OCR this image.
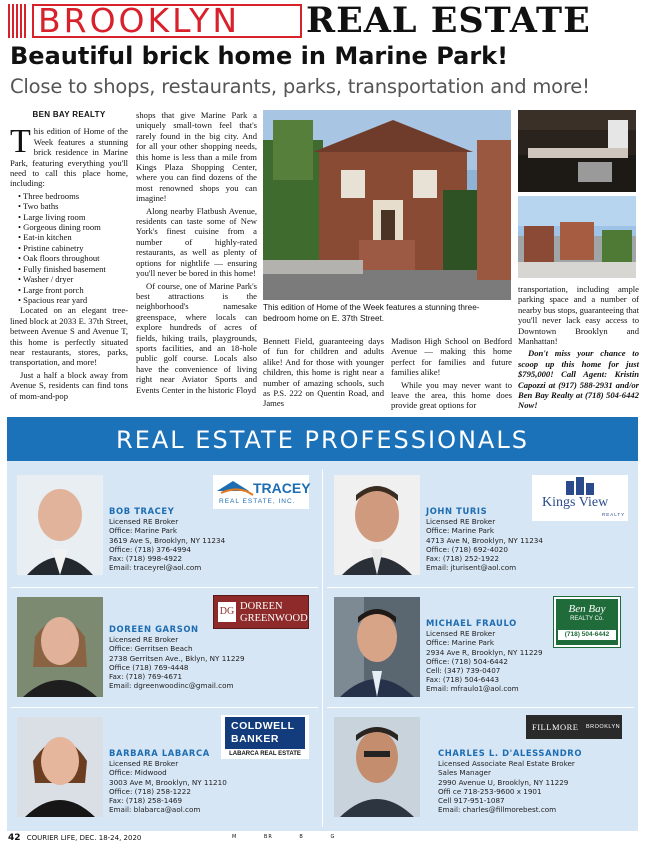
BROOKLYN REAL ESTATE
Beautiful brick home in Marine Park!
Close to shops, restaurants, parks, transportation and more!
BEN BAY REALTY

This edition of Home of the Week features a stunning brick residence in Marine Park, featuring everything you'll need to call this place home, including:

• Three bedrooms
• Two baths
• Large living room
• Gorgeous dining room
• Eat-in kitchen
• Pristine cabinetry
• Oak floors throughout
• Fully finished basement
• Washer / dryer
• Large front porch
• Spacious rear yard

Located on an elegant tree-lined block at 2033 E. 37th Street, between Avenue S and Avenue T, this home is perfectly situated near restaurants, stores, parks, transportation, and more!

Just a half a block away from Avenue S, residents can find tons of mom-and-pop

shops that give Marine Park a uniquely small-town feel that's rarely found in the big city. And for all your other shopping needs, this home is less than a mile from Kings Plaza Shopping Center, where you can find dozens of the most renowned shops you can imagine!

Along nearby Flatbush Avenue, residents can taste some of New York's finest cuisine from a number of highly-rated restaurants, as well as plenty of options for nightlife — ensuring you'll never be bored in this home!

Of course, one of Marine Park's best attractions is the neighborhood's namesake greenspace, where locals can explore hundreds of acres of fields, hiking trails, playgrounds, sports facilities, and an 18-hole public golf course. Locals also have the convenience of living right near Aviator Sports and Events Center in the historic Floyd

This edition of Home of the Week features a stunning three-bedroom home on E. 37th Street.

Bennett Field, guaranteeing days of fun for children and adults alike! And for those with younger children, this home is right near a number of amazing schools, such as P.S. 222 on Quentin Road, and James

Madison High School on Bedford Avenue — making this home perfect for families and future families alike!

While you may never want to leave the area, this home does provide great options for

transportation, including ample parking space and a number of nearby bus stops, guaranteeing that you'll never lack easy access to Downtown Brooklyn and Manhattan!

Don't miss your chance to scoop up this home for just $795,000! Call Agent: Kristin Capozzi at (917) 588-2931 and/or Ben Bay Realty at (718) 504-6442 Now!

REAL ESTATE PROFESSIONALS
TRACEY
REAL ESTATE, INC.
BOB TRACEY
Licensed RE Broker
Office: Marine Park
3619 Ave S, Brooklyn, NY 11234
Office: (718) 376-4994
Fax: (718) 998-4922
Email: traceyrel@aol.com
Kings View
REALTY
JOHN TURIS
Licensed RE Broker
Office: Marine Park
4713 Ave N, Brooklyn, NY 11234
Office: (718) 692-4020
Fax: (718) 252-1922
Email: jturisent@aol.com
DG DOREEN
GREENWOOD
DOREEN GARSON
Licensed RE Broker
Office: Gerritsen Beach
2738 Gerritsen Ave., Bklyn, NY 11229
Office (718) 769-4448
Fax: (718) 769-4671
Email: dgreenwoodinc@gmail.com
Ben Bay
REALTY Co.
(718) 504-6442
MICHAEL FRAULO
Licensed RE Broker
Office: Marine Park
2934 Ave R, Brooklyn, NY 11229
Office: (718) 504-6442
Cell: (347) 739-0407
Fax: (718) 504-6443
Email: mfraulo1@aol.com
COLDWELL
BANKER
LABARCA REAL ESTATE
BARBARA LABARCA
Licensed RE Broker
Office: Midwood
3003 Ave M, Brooklyn, NY 11210
Office: (718) 258-1222
Fax: (718) 258-1469
Email: blabarca@aol.com
FILLMORE BROOKLYN
CHARLES L. D'ALESSANDRO
Licensed Associate Real Estate Broker
Sales Manager
2990 Avenue U, Brooklyn, NY 11229
Offi ce 718-253-9600 x 1901
Cell 917-951-1087
Email: charles@fillmorebest.com
42 COURIER LIFE, DEC. 18-24, 2020	M	BR	B	G
